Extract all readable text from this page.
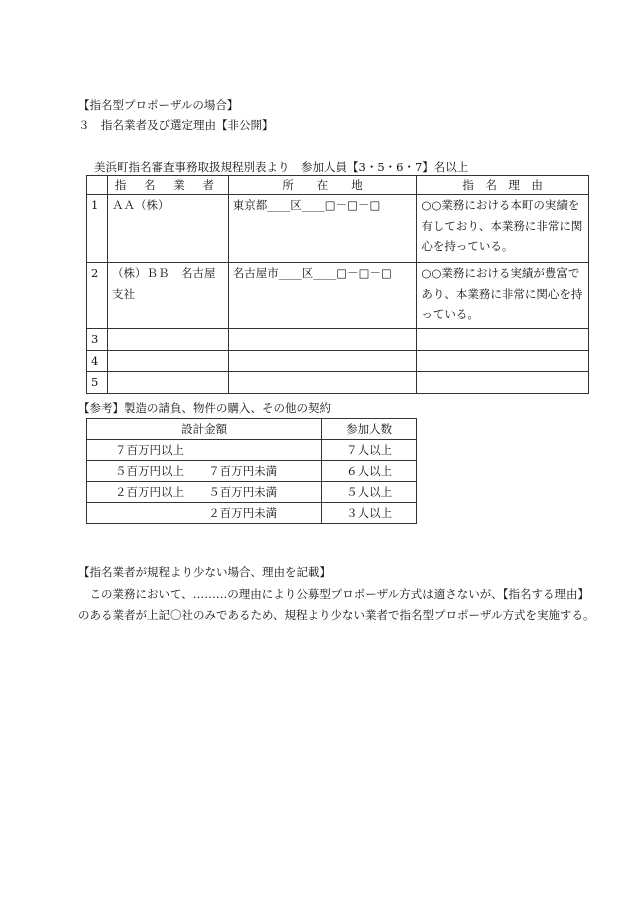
【指名型プロポーザルの場合】
３　指名業者及び選定理由【非公開】
美浜町指名審査事務取扱規程別表より　参加人員【3・5・6・7】名以上
	指 名 業 者	所　　在　　地	指　名　理　由
1	ＡＡ（株）	東京都____区____□－□－□	○○業務における本町の実績を有しており、本業務に非常に関心を持っている。
2	（株）ＢＢ　名古屋支社	名古屋市____区____□－□－□	○○業務における実績が豊富であり、本業務に非常に関心を持っている。
3			
4			
5			
【参考】製造の請負、物件の購入、その他の契約
設計金額		参加人数
７百万円以上		７人以上
５百万円以上	７百万円未満	６人以上
２百万円以上	５百万円未満	５人以上
	２百万円未満	３人以上
【指名業者が規程より少ない場合、理由を記載】
　この業務において、………の理由により公募型プロポーザル方式は適さないが、【指名する理由】のある業者が上記〇社のみであるため、規程より少ない業者で指名型プロポーザル方式を実施する。
